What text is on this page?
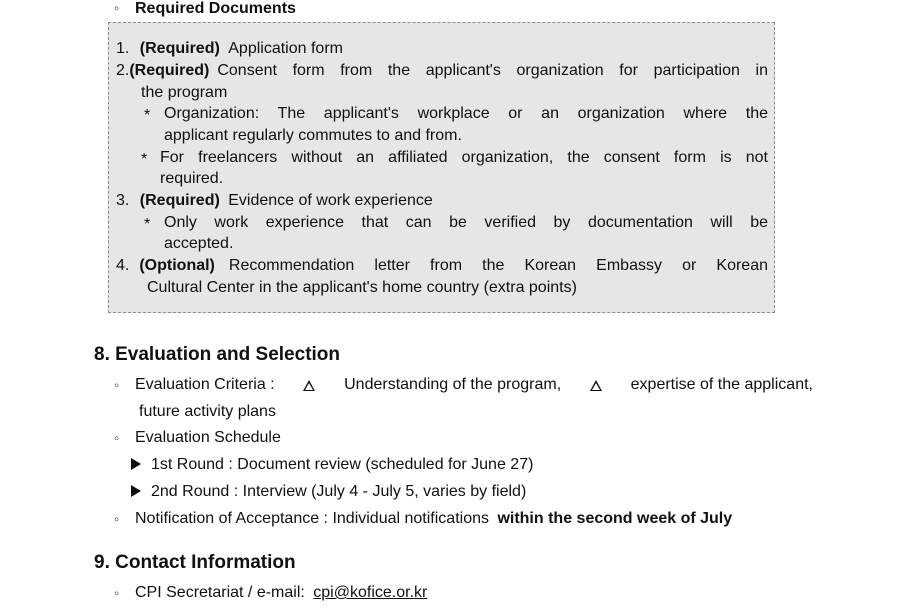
◦ Required Documents
1. (Required) Application form
2. (Required) Consent form from the applicant's organization for participation in
the program
* Organization: The applicant's workplace or an organization where the
applicant regularly commutes to and from.
* For freelancers without an affiliated organization, the consent form is not
required.
3. (Required) Evidence of work experience
* Only work experience that can be verified by documentation will be
accepted.
4. (Optional) Recommendation letter from the Korean Embassy or Korean
Cultural Center in the applicant's home country (extra points)
8. Evaluation and Selection
◦ Evaluation Criteria :	Understanding of the program,	expertise of the applicant,
future activity plans
◦ Evaluation Schedule
1st Round : Document review (scheduled for June 27)
2nd Round : Interview (July 4 - July 5, varies by field)
◦ Notification of Acceptance : Individual notifications within the second week of July
9. Contact Information
◦ CPI Secretariat / e-mail: cpi@kofice.or.kr
